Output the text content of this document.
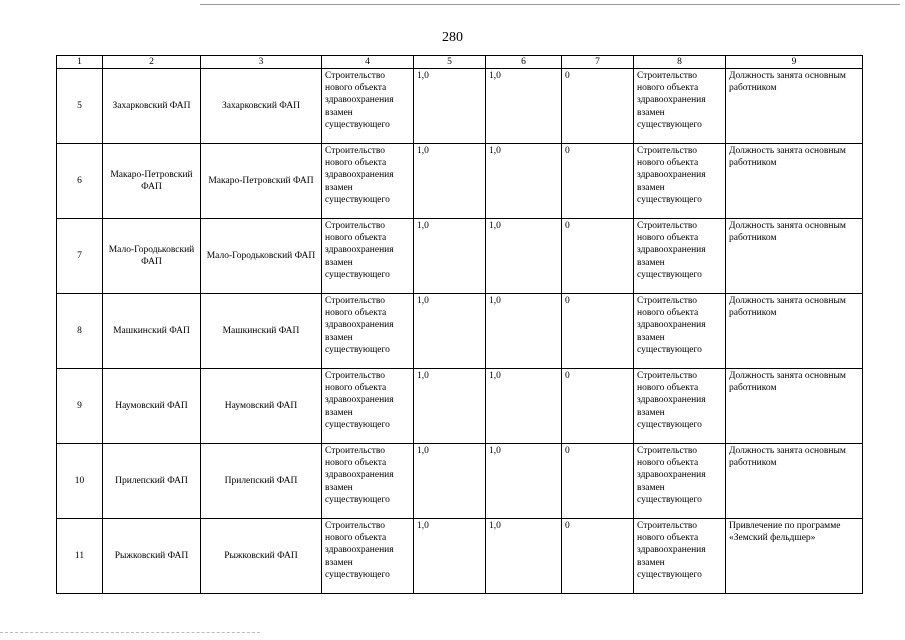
280
1	2	3	4	5	6	7	8	9
5	Захарковский ФАП	Захарковский ФАП	Строительство нового объекта здравоохранения взамен существующего	1,0	1,0	0	Строительство нового объекта здравоохранения взамен существующего	Должность занята основным работником
6	Макаро-Петровский ФАП	Макаро-Петровский ФАП	Строительство нового объекта здравоохранения взамен существующего	1,0	1,0	0	Строительство нового объекта здравоохранения взамен существующего	Должность занята основным работником
7	Мало-Городьковский ФАП	Мало-Городьковский ФАП	Строительство нового объекта здравоохранения взамен существующего	1,0	1,0	0	Строительство нового объекта здравоохранения взамен существующего	Должность занята основным работником
8	Машкинский ФАП	Машкинский ФАП	Строительство нового объекта здравоохранения взамен существующего	1,0	1,0	0	Строительство нового объекта здравоохранения взамен существующего	Должность занята основным работником
9	Наумовский ФАП	Наумовский ФАП	Строительство нового объекта здравоохранения взамен существующего	1,0	1,0	0	Строительство нового объекта здравоохранения взамен существующего	Должность занята основным работником
10	Прилепский ФАП	Прилепский ФАП	Строительство нового объекта здравоохранения взамен существующего	1,0	1,0	0	Строительство нового объекта здравоохранения взамен существующего	Должность занята основным работником
11	Рыжковский ФАП	Рыжковский ФАП	Строительство нового объекта здравоохранения взамен существующего	1,0	1,0	0	Строительство нового объекта здравоохранения взамен существующего	Привлечение по программе «Земский фельдшер»
